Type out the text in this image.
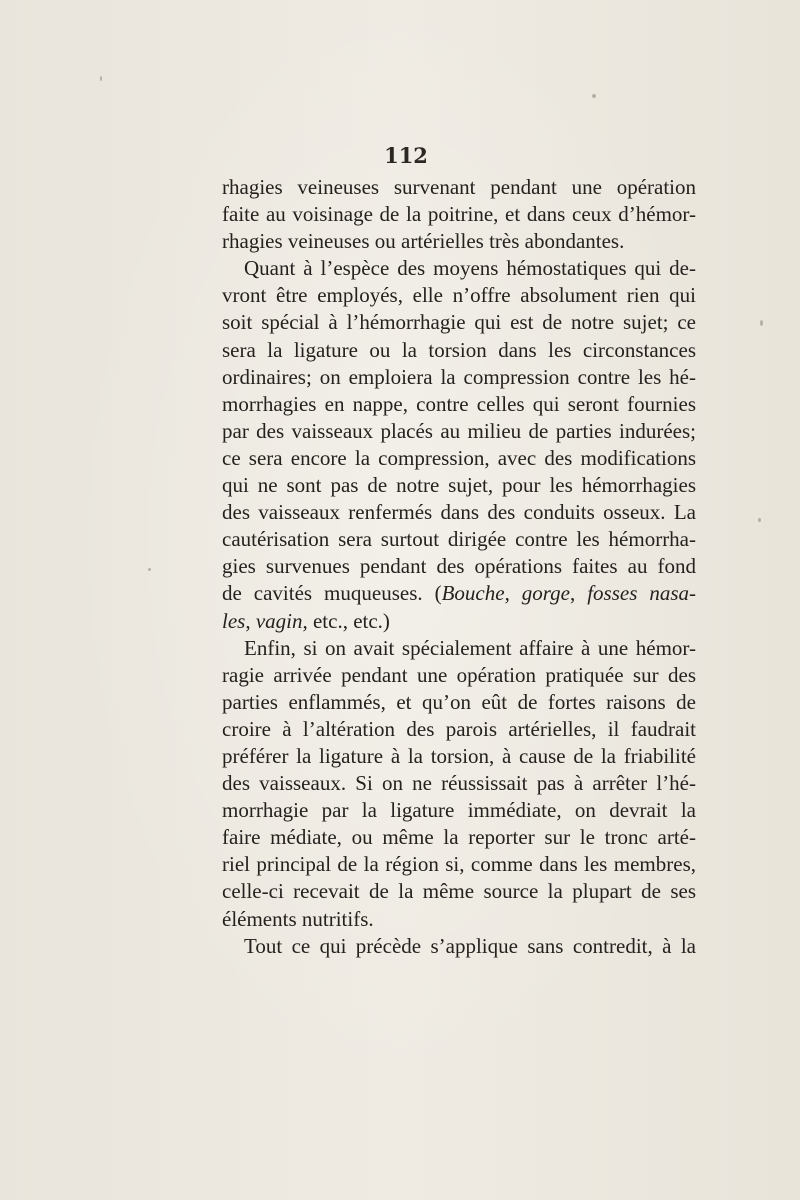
112
rhagies veineuses survenant pendant une opération
faite au voisinage de la poitrine, et dans ceux d’hémor-
rhagies veineuses ou artérielles très abondantes.
Quant à l’espèce des moyens hémostatiques qui de-
vront être employés, elle n’offre absolument rien qui
soit spécial à l’hémorrhagie qui est de notre sujet; ce
sera la ligature ou la torsion dans les circonstances
ordinaires; on emploiera la compression contre les hé-
morrhagies en nappe, contre celles qui seront fournies
par des vaisseaux placés au milieu de parties indurées;
ce sera encore la compression, avec des modifications
qui ne sont pas de notre sujet, pour les hémorrhagies
des vaisseaux renfermés dans des conduits osseux. La
cautérisation sera surtout dirigée contre les hémorrha-
gies survenues pendant des opérations faites au fond
de cavités muqueuses. (Bouche, gorge, fosses nasa-
les, vagin, etc., etc.)
Enfin, si on avait spécialement affaire à une hémor-
ragie arrivée pendant une opération pratiquée sur des
parties enflammés, et qu’on eût de fortes raisons de
croire à l’altération des parois artérielles, il faudrait
préférer la ligature à la torsion, à cause de la friabilité
des vaisseaux. Si on ne réussissait pas à arrêter l’hé-
morrhagie par la ligature immédiate, on devrait la
faire médiate, ou même la reporter sur le tronc arté-
riel principal de la région si, comme dans les membres,
celle-ci recevait de la même source la plupart de ses
éléments nutritifs.
Tout ce qui précède s’applique sans contredit, à la
